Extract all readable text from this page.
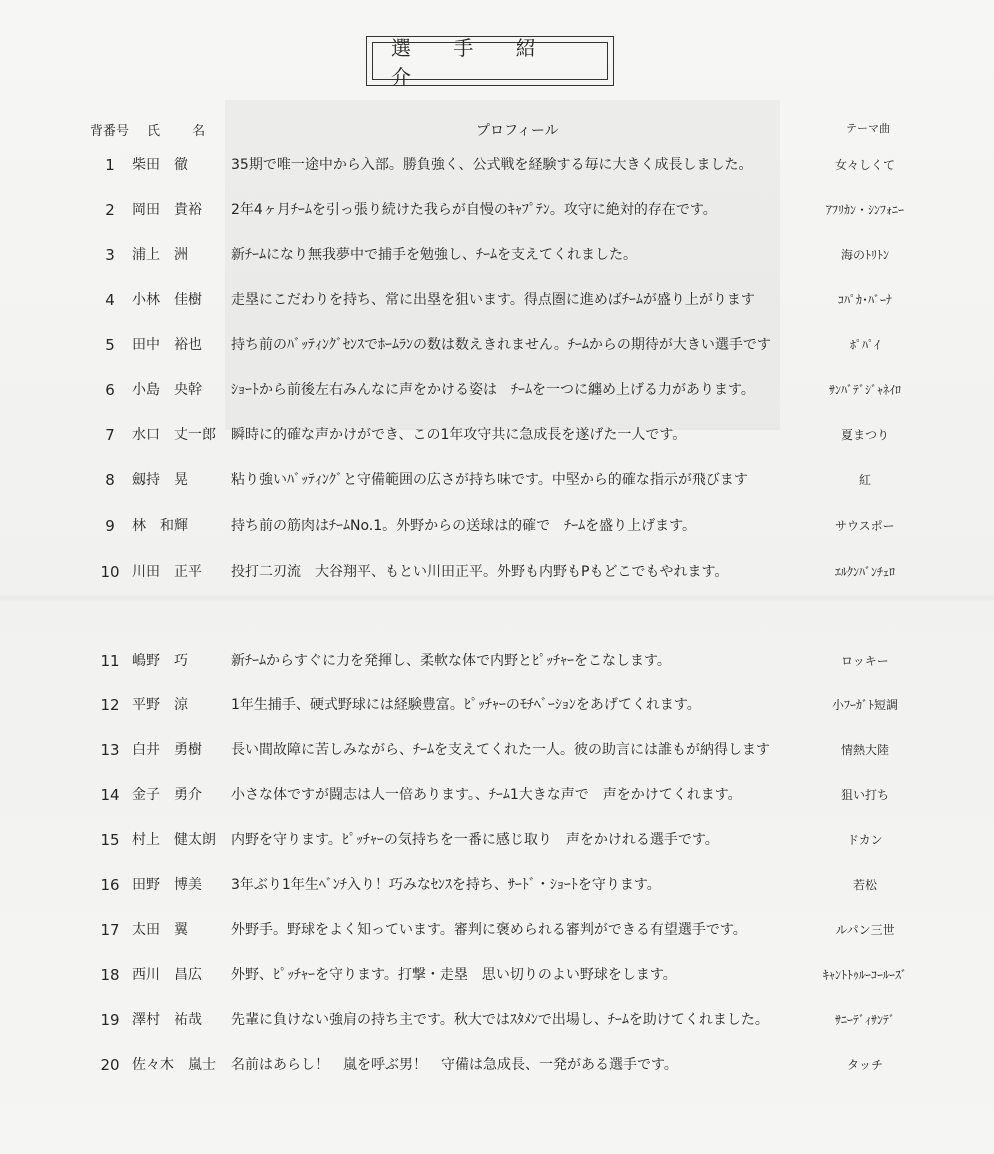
選 手 紹 介
背番号 氏 名	プロフィール	テーマ曲
1	柴田　徹	35期で唯一途中から入部。勝負強く、公式戦を経験する毎に大きく成長しました。	女々しくて
2	岡田　貴裕	2年4ヶ月ﾁｰﾑを引っ張り続けた我らが自慢のｷｬﾌﾟﾃﾝ。攻守に絶対的存在です。	ｱﾌﾘｶﾝ・ｼﾝﾌｫﾆｰ
3	浦上　洲	新ﾁｰﾑになり無我夢中で捕手を勉強し、ﾁｰﾑを支えてくれました。	海のﾄﾘﾄﾝ
4	小林　佳樹	走塁にこだわりを持ち、常に出塁を狙います。得点圏に進めばﾁｰﾑが盛り上がります	ｺﾊﾟｶ･ﾊﾞｰﾅ
5	田中　裕也	持ち前のﾊﾞｯﾃｨﾝｸﾞｾﾝｽでﾎｰﾑﾗﾝの数は数えきれません。ﾁｰﾑからの期待が大きい選手です	ﾎﾟﾊﾟｲ
6	小島　央幹	ｼｮｰﾄから前後左右みんなに声をかける姿は　ﾁｰﾑを一つに纏め上げる力があります。	ｻﾝﾊﾞﾃﾞｼﾞｬﾈｲﾛ
7	水口　丈一郎	瞬時に的確な声かけができ、この1年攻守共に急成長を遂げた一人です。	夏まつり
8	劔持　晃	粘り強いﾊﾞｯﾃｨﾝｸﾞと守備範囲の広さが持ち味です。中堅から的確な指示が飛びます	紅
9	林　和輝	持ち前の筋肉はﾁｰﾑNo.1。外野からの送球は的確で　ﾁｰﾑを盛り上げます。	サウスポー
10 川田　正平	投打二刃流　大谷翔平、もとい川田正平。外野も内野もPもどこでもやれます。	ｴﾙｸﾝﾊﾞﾝﾁｪﾛ
11 嶋野　巧	新ﾁｰﾑからすぐに力を発揮し、柔軟な体で内野とﾋﾟｯﾁｬｰをこなします。	ロッキー
12 平野　涼	1年生捕手、硬式野球には経験豊富。ﾋﾟｯﾁｬｰのﾓﾁﾍﾞｰｼｮﾝをあげてくれます。	小ﾌｰｶﾞﾄ短調
13 白井　勇樹	長い間故障に苦しみながら、ﾁｰﾑを支えてくれた一人。彼の助言には誰もが納得します	情熱大陸
14 金子　勇介	小さな体ですが闘志は人一倍あります。、ﾁｰﾑ1大きな声で　声をかけてくれます。	狙い打ち
15 村上　健太朗	内野を守ります。ﾋﾟｯﾁｬｰの気持ちを一番に感じ取り　声をかけれる選手です。	ドカン
16 田野　博美	3年ぶり1年生ﾍﾞﾝﾁ入り！巧みなｾﾝｽを持ち、ｻｰﾄﾞ・ｼｮｰﾄを守ります。	若松
17 太田　翼	外野手。野球をよく知っています。審判に褒められる審判ができる有望選手です。	ルパン三世
18 西川　昌広	外野、ﾋﾟｯﾁｬｰを守ります。打撃・走塁　思い切りのよい野球をします。	ｷｬﾝﾄﾄｩﾙｰｺｰﾙｰｽﾞ
19 澤村　祐哉	先輩に負けない強肩の持ち主です。秋大ではｽﾀﾒﾝで出場し、ﾁｰﾑを助けてくれました。	ｻﾆｰﾃﾞｨｻﾝﾃﾞ
20 佐々木　嵐士	名前はあらし！　嵐を呼ぶ男！　守備は急成長、一発がある選手です。	タッチ
